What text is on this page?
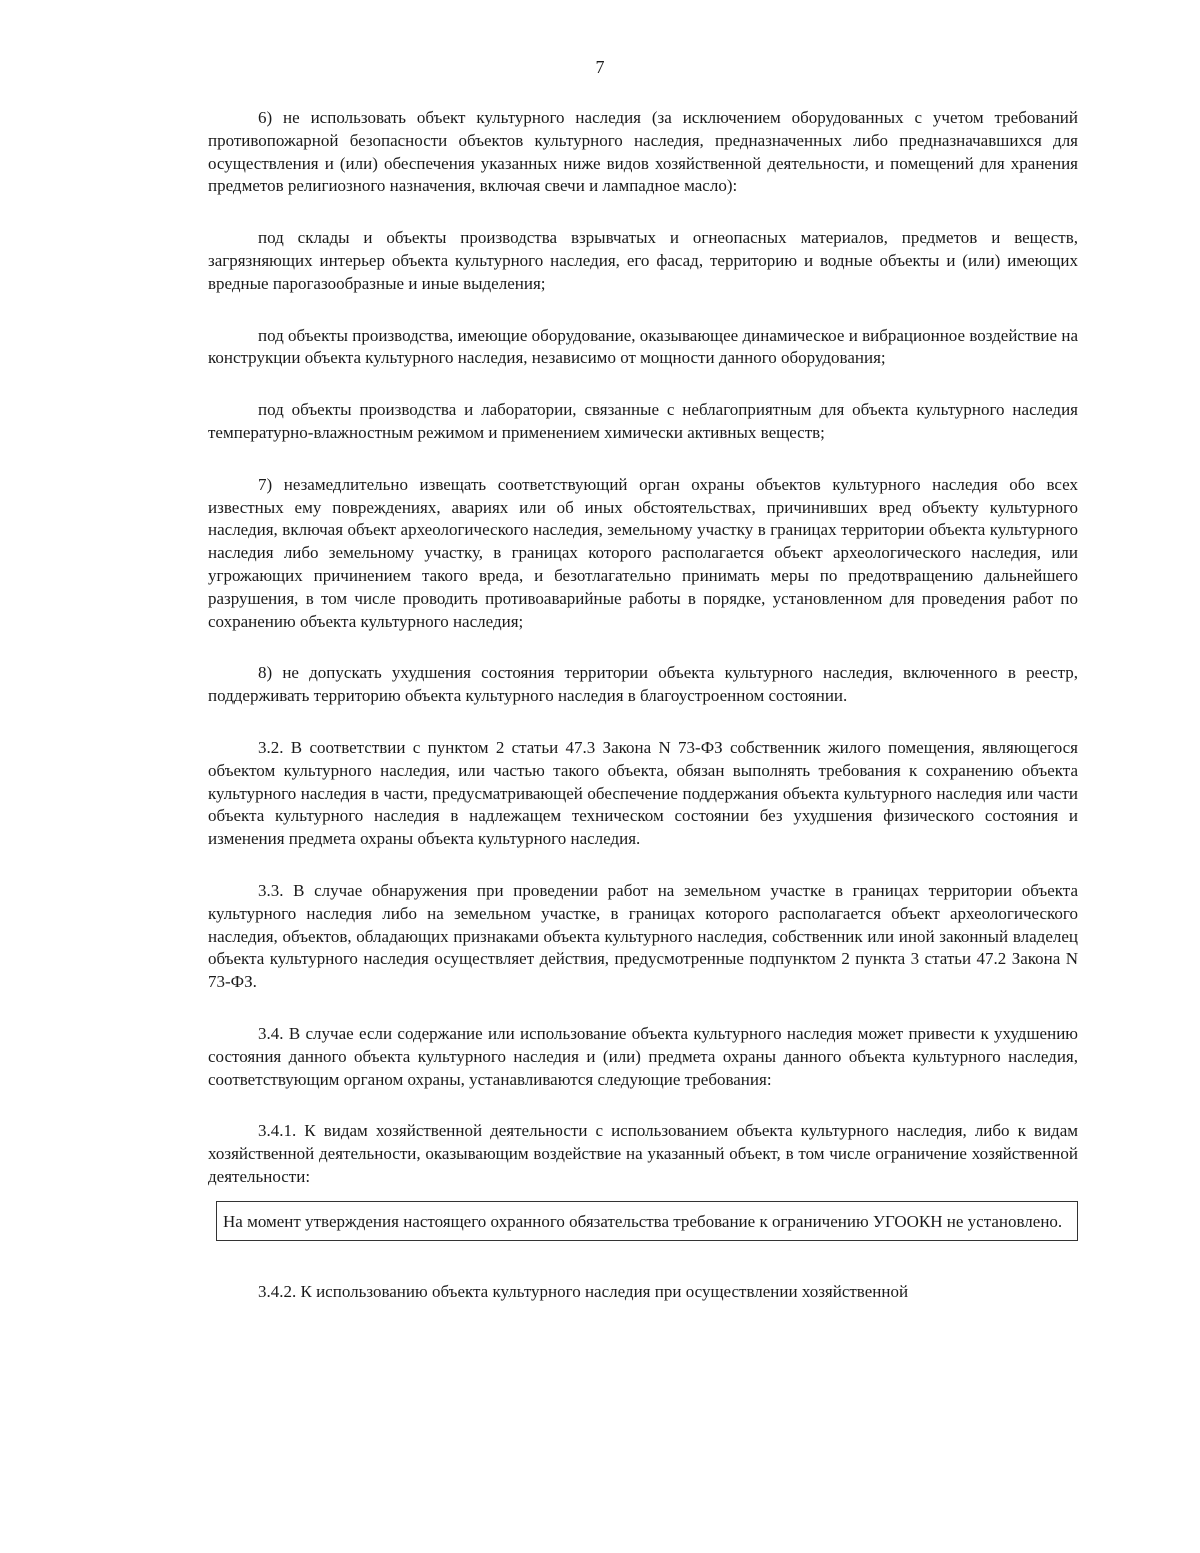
7

6) не использовать объект культурного наследия (за исключением оборудованных с учетом требований противопожарной безопасности объектов культурного наследия, предназначенных либо предназначавшихся для осуществления и (или) обеспечения указанных ниже видов хозяйственной деятельности, и помещений для хранения предметов религиозного назначения, включая свечи и лампадное масло):

под склады и объекты производства взрывчатых и огнеопасных материалов, предметов и веществ, загрязняющих интерьер объекта культурного наследия, его фасад, территорию и водные объекты и (или) имеющих вредные парогазообразные и иные выделения;

под объекты производства, имеющие оборудование, оказывающее динамическое и вибрационное воздействие на конструкции объекта культурного наследия, независимо от мощности данного оборудования;

под объекты производства и лаборатории, связанные с неблагоприятным для объекта культурного наследия температурно-влажностным режимом и применением химически активных веществ;

7) незамедлительно извещать соответствующий орган охраны объектов культурного наследия обо всех известных ему повреждениях, авариях или об иных обстоятельствах, причинивших вред объекту культурного наследия, включая объект археологического наследия, земельному участку в границах территории объекта культурного наследия либо земельному участку, в границах которого располагается объект археологического наследия, или угрожающих причинением такого вреда, и безотлагательно принимать меры по предотвращению дальнейшего разрушения, в том числе проводить противоаварийные работы в порядке, установленном для проведения работ по сохранению объекта культурного наследия;

8) не допускать ухудшения состояния территории объекта культурного наследия, включенного в реестр, поддерживать территорию объекта культурного наследия в благоустроенном состоянии.

3.2. В соответствии с пунктом 2 статьи 47.3 Закона N 73-ФЗ собственник жилого помещения, являющегося объектом культурного наследия, или частью такого объекта, обязан выполнять требования к сохранению объекта культурного наследия в части, предусматривающей обеспечение поддержания объекта культурного наследия или части объекта культурного наследия в надлежащем техническом состоянии без ухудшения физического состояния и изменения предмета охраны объекта культурного наследия.

3.3. В случае обнаружения при проведении работ на земельном участке в границах территории объекта культурного наследия либо на земельном участке, в границах которого располагается объект археологического наследия, объектов, обладающих признаками объекта культурного наследия, собственник или иной законный владелец объекта культурного наследия осуществляет действия, предусмотренные подпунктом 2 пункта 3 статьи 47.2 Закона N 73-ФЗ.

3.4. В случае если содержание или использование объекта культурного наследия может привести к ухудшению состояния данного объекта культурного наследия и (или) предмета охраны данного объекта культурного наследия, соответствующим органом охраны, устанавливаются следующие требования:

3.4.1. К видам хозяйственной деятельности с использованием объекта культурного наследия, либо к видам хозяйственной деятельности, оказывающим воздействие на указанный объект, в том числе ограничение хозяйственной деятельности:

На момент утверждения настоящего охранного обязательства требование к ограничению УГООКН не установлено.

3.4.2. К использованию объекта культурного наследия при осуществлении хозяйственной
